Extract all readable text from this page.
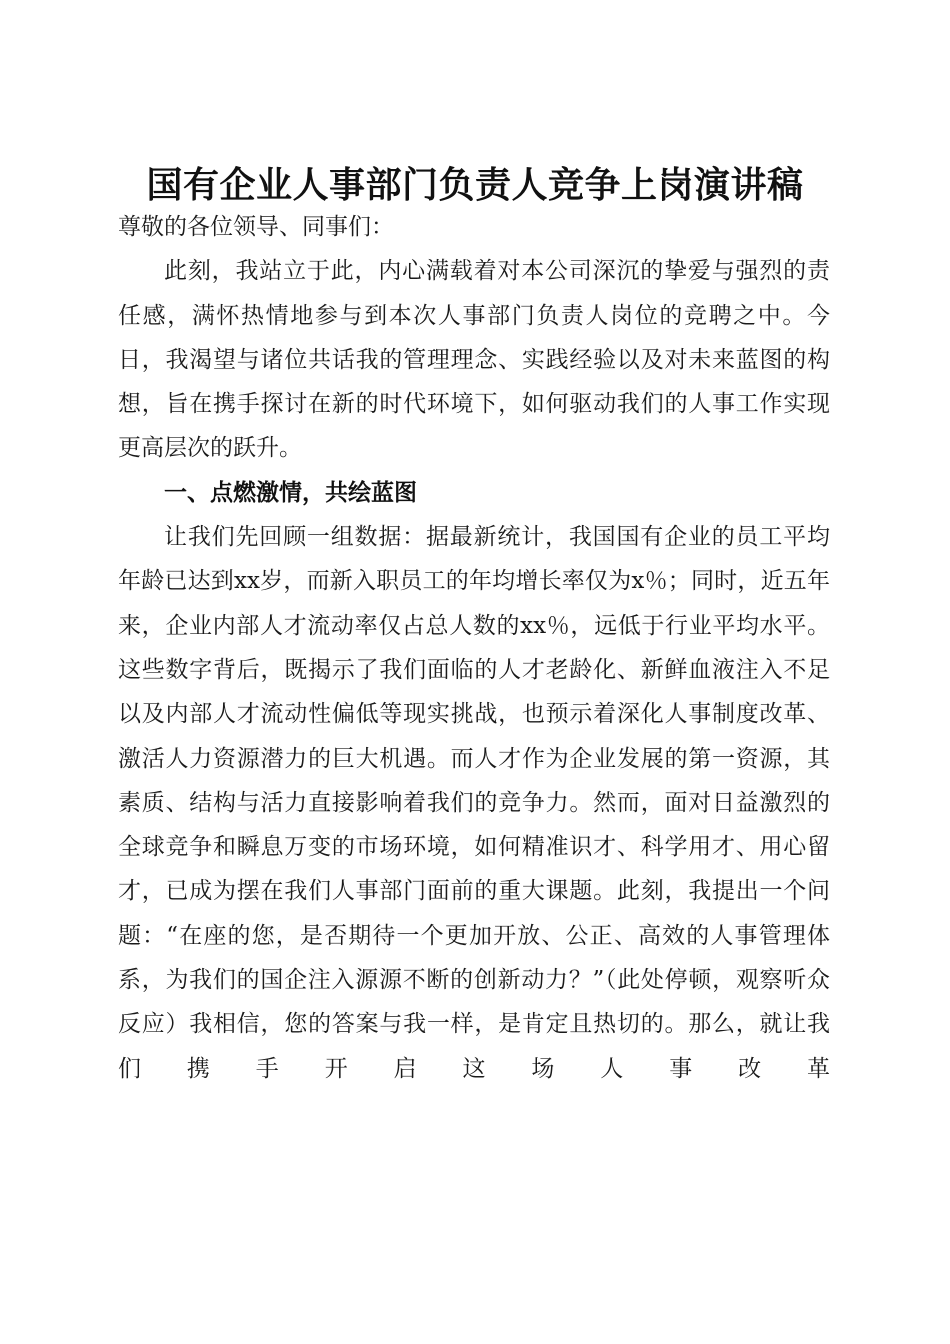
国有企业人事部门负责人竞争上岗演讲稿

尊敬的各位领导、同事们：

此刻，我站立于此，内心满载着对本公司深沉的挚爱与强烈的责任感，满怀热情地参与到本次人事部门负责人岗位的竞聘之中。今日，我渴望与诸位共话我的管理理念、实践经验以及对未来蓝图的构想，旨在携手探讨在新的时代环境下，如何驱动我们的人事工作实现更高层次的跃升。

一、点燃激情，共绘蓝图

让我们先回顾一组数据：据最新统计，我国国有企业的员工平均年龄已达到xx岁，而新入职员工的年均增长率仅为x％；同时，近五年来，企业内部人才流动率仅占总人数的xx％，远低于行业平均水平。这些数字背后，既揭示了我们面临的人才老龄化、新鲜血液注入不足以及内部人才流动性偏低等现实挑战，也预示着深化人事制度改革、激活人力资源潜力的巨大机遇。而人才作为企业发展的第一资源，其素质、结构与活力直接影响着我们的竞争力。然而，面对日益激烈的全球竞争和瞬息万变的市场环境，如何精准识才、科学用才、用心留才，已成为摆在我们人事部门面前的重大课题。此刻，我提出一个问题：“在座的您，是否期待一个更加开放、公正、高效的人事管理体系，为我们的国企注入源源不断的创新动力？”（此处停顿，观察听众反应）我相信，您的答案与我一样，是肯定且热切的。那么，就让我们携手开启这场人事改革
